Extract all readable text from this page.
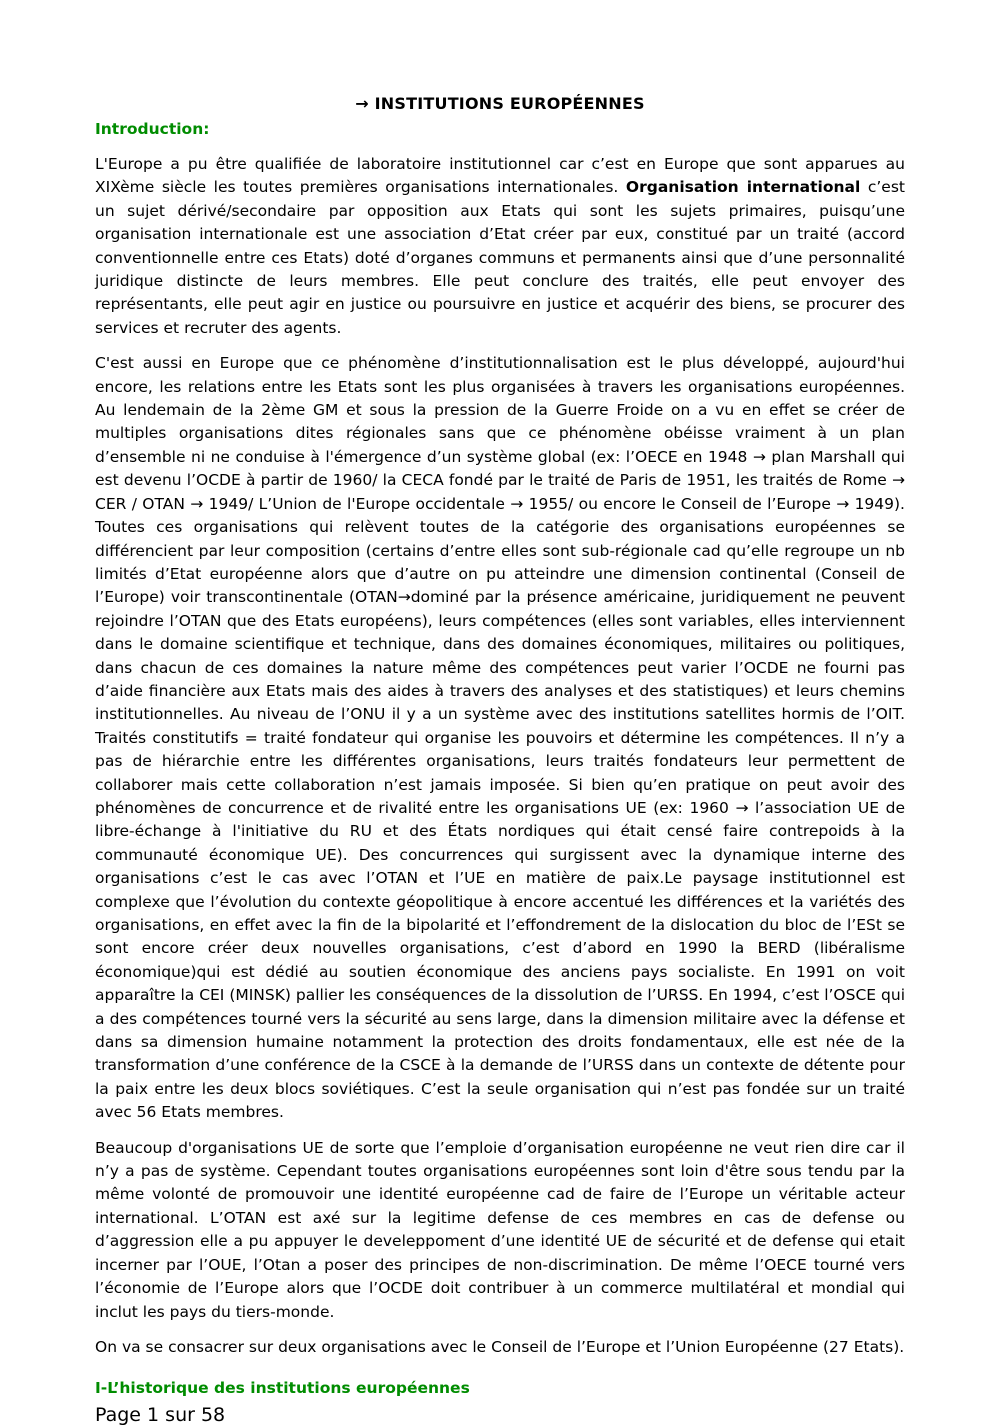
→ INSTITUTIONS EUROPÉENNES
Introduction:

L'Europe a pu être qualifiée de laboratoire institutionnel car c’est en Europe que sont apparues au XIXème siècle les toutes premières organisations internationales. Organisation international c’est un sujet dérivé/secondaire par opposition aux Etats qui sont les sujets primaires, puisqu’une organisation internationale est une association d’Etat créer par eux, constitué par un traité (accord conventionnelle entre ces Etats) doté d’organes communs et permanents ainsi que d’une personnalité juridique distincte de leurs membres. Elle peut conclure des traités, elle peut envoyer des représentants, elle peut agir en justice ou poursuivre en justice et acquérir des biens, se procurer des services et recruter des agents.

C'est aussi en Europe que ce phénomène d’institutionnalisation est le plus développé, aujourd'hui encore, les relations entre les Etats sont les plus organisées à travers les organisations européennes. Au lendemain de la 2ème GM et sous la pression de la Guerre Froide on a vu en effet se créer de multiples organisations dites régionales sans que ce phénomène obéisse vraiment à un plan d’ensemble ni ne conduise à l'émergence d’un système global (ex: l’OECE en 1948 → plan Marshall qui est devenu l’OCDE à partir de 1960/ la CECA fondé par le traité de Paris de 1951, les traités de Rome → CER / OTAN → 1949/ L’Union de l'Europe occidentale → 1955/ ou encore le Conseil de l’Europe → 1949). Toutes ces organisations qui relèvent toutes de la catégorie des organisations européennes se différencient par leur composition (certains d’entre elles sont sub-régionale cad qu’elle regroupe un nb limités d’Etat européenne alors que d’autre on pu atteindre une dimension continental (Conseil de l’Europe) voir transcontinentale (OTAN→dominé par la présence américaine, juridiquement ne peuvent rejoindre l’OTAN que des Etats européens), leurs compétences (elles sont variables, elles interviennent dans le domaine scientifique et technique, dans des domaines économiques, militaires ou politiques, dans chacun de ces domaines la nature même des compétences peut varier l’OCDE ne fourni pas d’aide financière aux Etats mais des aides à travers des analyses et des statistiques) et leurs chemins institutionnelles. Au niveau de l’ONU il y a un système avec des institutions satellites hormis de l’OIT. Traités constitutifs = traité fondateur qui organise les pouvoirs et détermine les compétences. Il n’y a pas de hiérarchie entre les différentes organisations, leurs traités fondateurs leur permettent de collaborer mais cette collaboration n’est jamais imposée. Si bien qu’en pratique on peut avoir des phénomènes de concurrence et de rivalité entre les organisations UE (ex: 1960 → l’association UE de libre-échange à l'initiative du RU et des États nordiques qui était censé faire contrepoids à la communauté économique UE). Des concurrences qui surgissent avec la dynamique interne des organisations c’est le cas avec l’OTAN et l’UE en matière de paix.Le paysage institutionnel est complexe que l’évolution du contexte géopolitique à encore accentué les différences et la variétés des organisations, en effet avec la fin de la bipolarité et l’effondrement de la dislocation du bloc de l’ESt se sont encore créer deux nouvelles organisations, c’est d’abord en 1990 la BERD (libéralisme économique)qui est dédié au soutien économique des anciens pays socialiste. En 1991 on voit apparaître la CEI (MINSK) pallier les conséquences de la dissolution de l’URSS. En 1994, c’est l’OSCE qui a des compétences tourné vers la sécurité au sens large, dans la dimension militaire avec la défense et dans sa dimension humaine notamment la protection des droits fondamentaux, elle est née de la transformation d’une conférence de la CSCE à la demande de l’URSS dans un contexte de détente pour la paix entre les deux blocs soviétiques. C’est la seule organisation qui n’est pas fondée sur un traité avec 56 Etats membres.

Beaucoup d'organisations UE de sorte que l’emploie d’organisation européenne ne veut rien dire car il n’y a pas de système. Cependant toutes organisations européennes sont loin d'être sous tendu par la même volonté de promouvoir une identité européenne cad de faire de l’Europe un véritable acteur international. L’OTAN est axé sur la legitime defense de ces membres en cas de defense ou d’aggression elle a pu appuyer le develeppoment d’une identité UE de sécurité et de defense qui etait incerner par l’OUE, l’Otan a poser des principes de non-discrimination. De même l’OECE tourné vers l’économie de l’Europe alors que l’OCDE doit contribuer à un commerce multilatéral et mondial qui inclut les pays du tiers-monde.

On va se consacrer sur deux organisations avec le Conseil de l’Europe et l’Union Européenne (27 Etats).

I-L’historique des institutions européennes
Page 1 sur 58
